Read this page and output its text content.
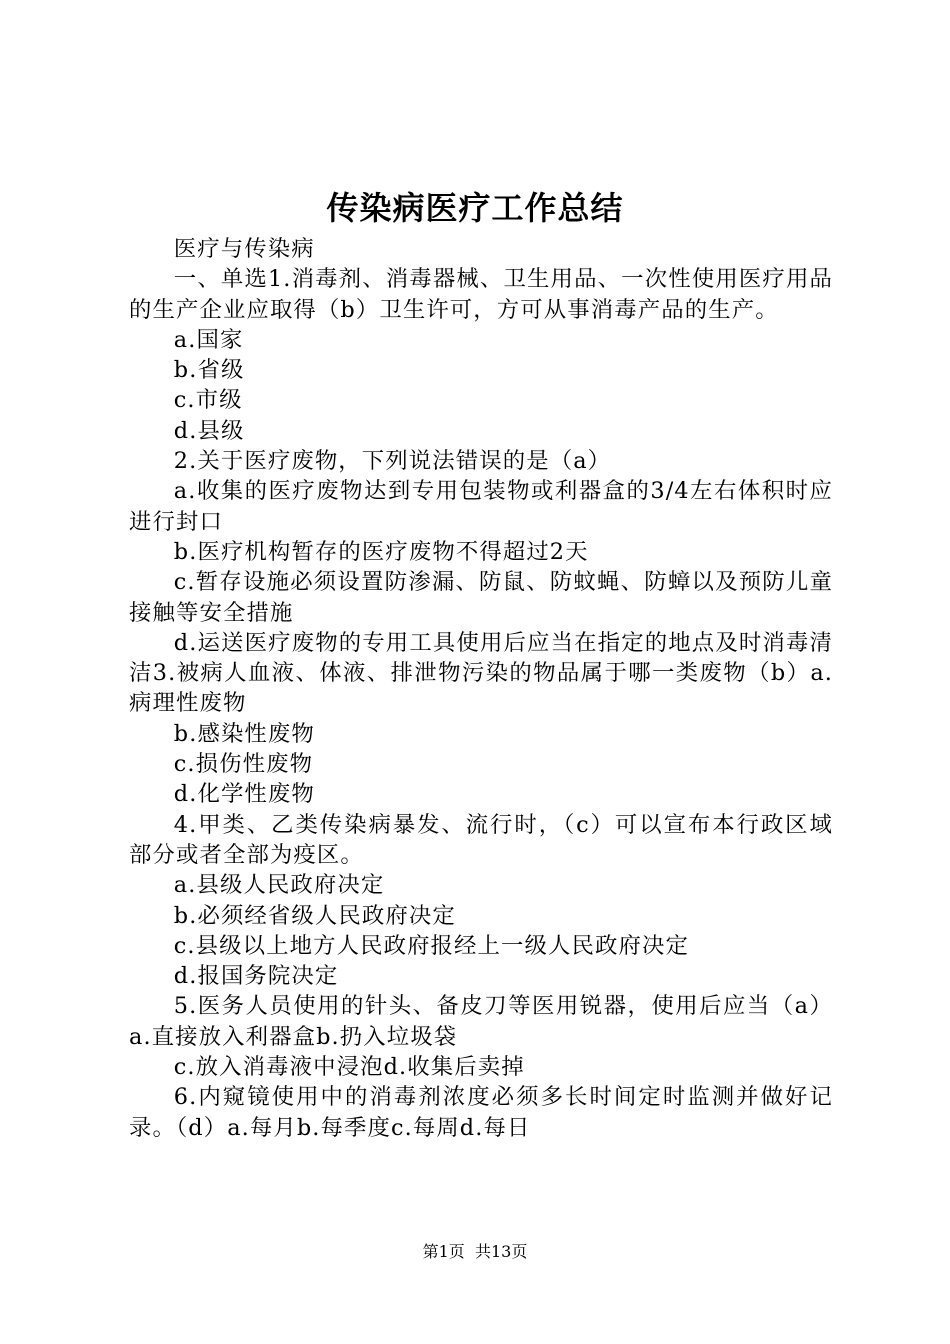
传染病医疗工作总结

医疗与传染病

一、单选1.消毒剂、消毒器械、卫生用品、一次性使用医疗用品的生产企业应取得（b）卫生许可，方可从事消毒产品的生产。

a.国家

b.省级

c.市级

d.县级

2.关于医疗废物，下列说法错误的是（a）

a.收集的医疗废物达到专用包装物或利器盒的3/4左右体积时应进行封口

b.医疗机构暂存的医疗废物不得超过2天

c.暂存设施必须设置防渗漏、防鼠、防蚊蝇、防蟑以及预防儿童接触等安全措施

d.运送医疗废物的专用工具使用后应当在指定的地点及时消毒清洁3.被病人血液、体液、排泄物污染的物品属于哪一类废物（b）a.病理性废物

b.感染性废物

c.损伤性废物

d.化学性废物

4.甲类、乙类传染病暴发、流行时，（c）可以宣布本行政区域部分或者全部为疫区。

a.县级人民政府决定

b.必须经省级人民政府决定

c.县级以上地方人民政府报经上一级人民政府决定

d.报国务院决定

5.医务人员使用的针头、备皮刀等医用锐器，使用后应当（a）a.直接放入利器盒b.扔入垃圾袋

c.放入消毒液中浸泡d.收集后卖掉

6.内窥镜使用中的消毒剂浓度必须多长时间定时监测并做好记录。（d）a.每月b.每季度c.每周d.每日

第1页 共13页
